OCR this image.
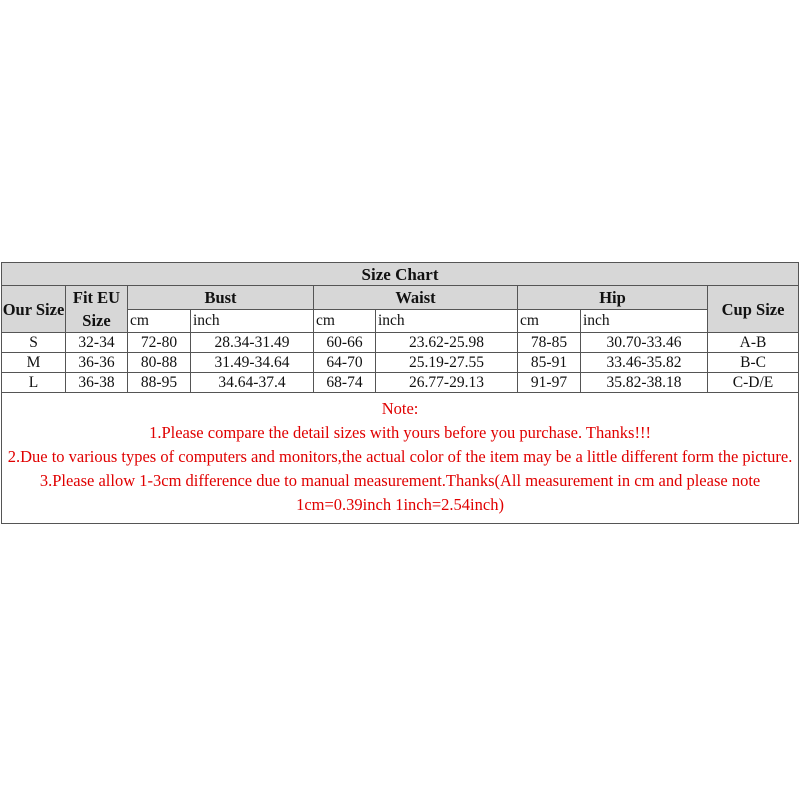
Size Chart								
Our Size	Fit EU Size	Bust		Waist		Hip		Cup Size
		cm	inch	cm	inch	cm	inch	
S	32-34	72-80	28.34-31.49	60-66	23.62-25.98	78-85	30.70-33.46	A-B
M	36-36	80-88	31.49-34.64	64-70	25.19-27.55	85-91	33.46-35.82	B-C
L	36-38	88-95	34.64-37.4	68-74	26.77-29.13	91-97	35.82-38.18	C-D/E

Note:
1.Please compare the detail sizes with yours before you purchase. Thanks!!!
2.Due to various types of computers and monitors,the actual color of the item may be a little different form the picture.
3.Please allow 1-3cm difference due to manual measurement.Thanks(All measurement in cm and please note 1cm=0.39inch 1inch=2.54inch)								
